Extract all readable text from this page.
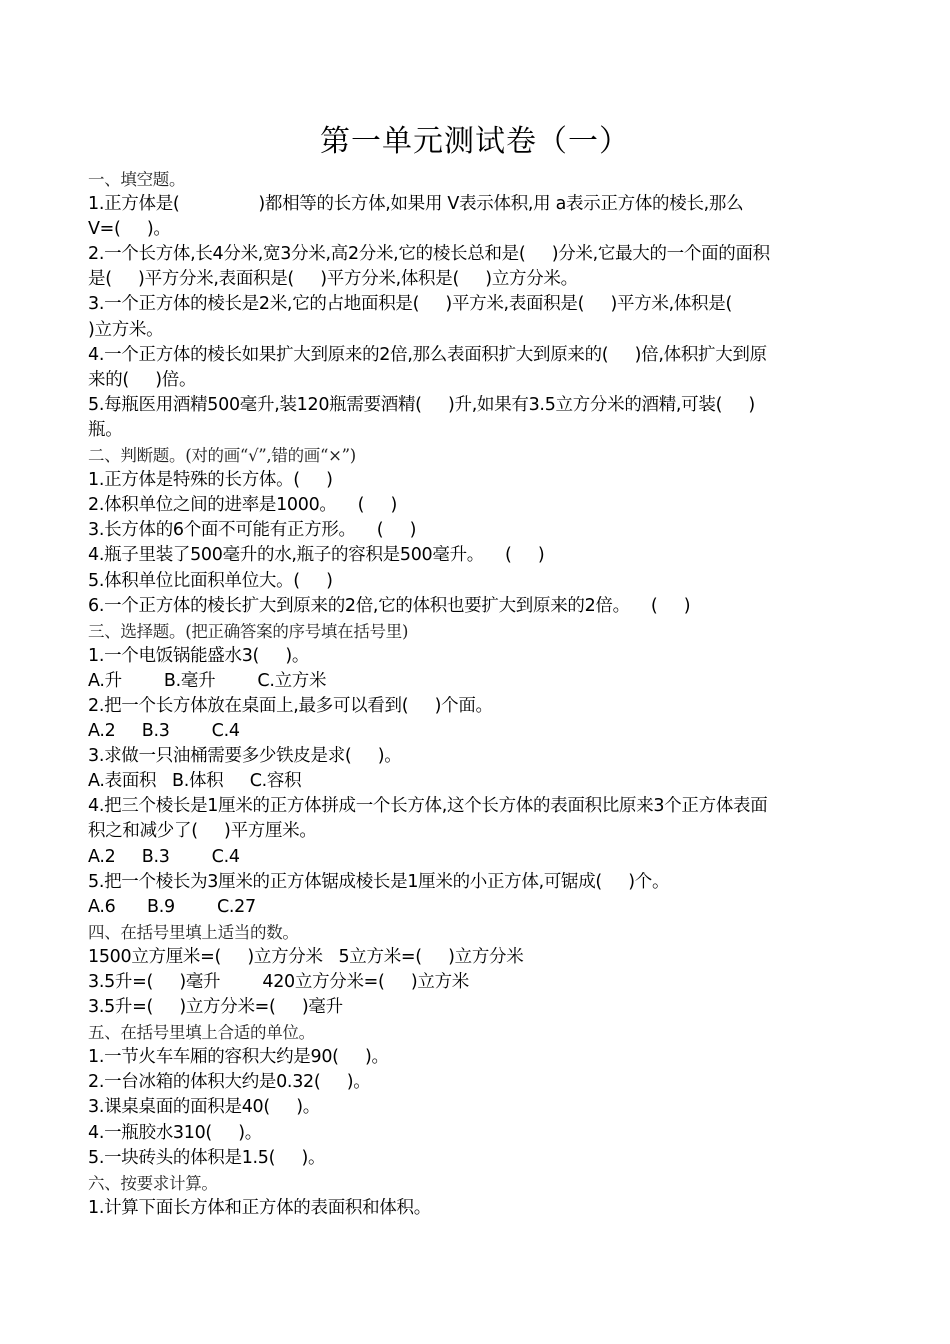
第一单元测试卷（一）
一、填空题。
1.正方体是(               )都相等的长方体,如果用 V表示体积,用 a表示正方体的棱长,那么
V=(     )。
2.一个长方体,长4分米,宽3分米,高2分米,它的棱长总和是(     )分米,它最大的一个面的面积
是(     )平方分米,表面积是(     )平方分米,体积是(     )立方分米。
3.一个正方体的棱长是2米,它的占地面积是(     )平方米,表面积是(     )平方米,体积是(
)立方米。
4.一个正方体的棱长如果扩大到原来的2倍,那么表面积扩大到原来的(     )倍,体积扩大到原
来的(     )倍。
5.每瓶医用酒精500毫升,装120瓶需要酒精(     )升,如果有3.5立方分米的酒精,可装(     )
瓶。
二、判断题。(对的画“√”,错的画“×”)
1.正方体是特殊的长方体。(     )
2.体积单位之间的进率是1000。    (     )
3.长方体的6个面不可能有正方形。    (     )
4.瓶子里装了500毫升的水,瓶子的容积是500毫升。    (     )
5.体积单位比面积单位大。(     )
6.一个正方体的棱长扩大到原来的2倍,它的体积也要扩大到原来的2倍。    (     )
三、选择题。(把正确答案的序号填在括号里)
1.一个电饭锅能盛水3(     )。
A.升        B.毫升        C.立方米
2.把一个长方体放在桌面上,最多可以看到(     )个面。
A.2     B.3        C.4
3.求做一只油桶需要多少铁皮是求(     )。
A.表面积   B.体积     C.容积
4.把三个棱长是1厘米的正方体拼成一个长方体,这个长方体的表面积比原来3个正方体表面
积之和减少了(     )平方厘米。
A.2     B.3        C.4
5.把一个棱长为3厘米的正方体锯成棱长是1厘米的小正方体,可锯成(     )个。
A.6      B.9        C.27
四、在括号里填上适当的数。
1500立方厘米=(     )立方分米   5立方米=(     )立方分米
3.5升=(     )毫升        420立方分米=(     )立方米
3.5升=(     )立方分米=(     )毫升
五、在括号里填上合适的单位。
1.一节火车车厢的容积大约是90(     )。
2.一台冰箱的体积大约是0.32(     )。
3.课桌桌面的面积是40(     )。
4.一瓶胶水310(     )。
5.一块砖头的体积是1.5(     )。
六、按要求计算。
1.计算下面长方体和正方体的表面积和体积。
